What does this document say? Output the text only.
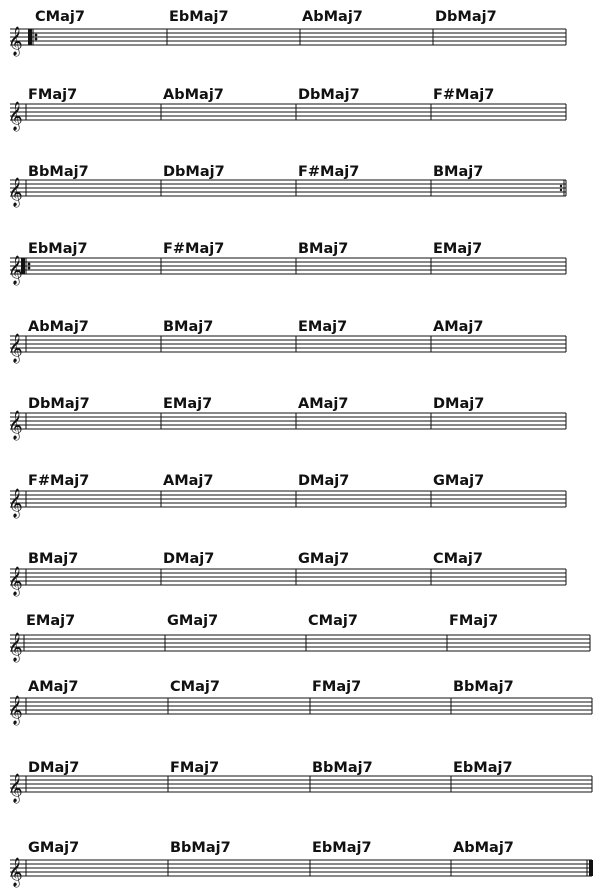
𝄞
CMaj7	EbMaj7	AbMaj7	DbMaj7
𝄞
FMaj7	AbMaj7	DbMaj7	F#Maj7
𝄞
BbMaj7	DbMaj7	F#Maj7	BMaj7
𝄞
EbMaj7	F#Maj7	BMaj7	EMaj7
𝄞
AbMaj7	BMaj7	EMaj7	AMaj7
𝄞
DbMaj7	EMaj7	AMaj7	DMaj7
𝄞
F#Maj7	AMaj7	DMaj7	GMaj7
𝄞
BMaj7	DMaj7	GMaj7	CMaj7
𝄞
EMaj7	GMaj7	CMaj7	FMaj7
𝄞
AMaj7	CMaj7	FMaj7	BbMaj7
𝄞
DMaj7	FMaj7	BbMaj7	EbMaj7
𝄞
GMaj7	BbMaj7	EbMaj7	AbMaj7
